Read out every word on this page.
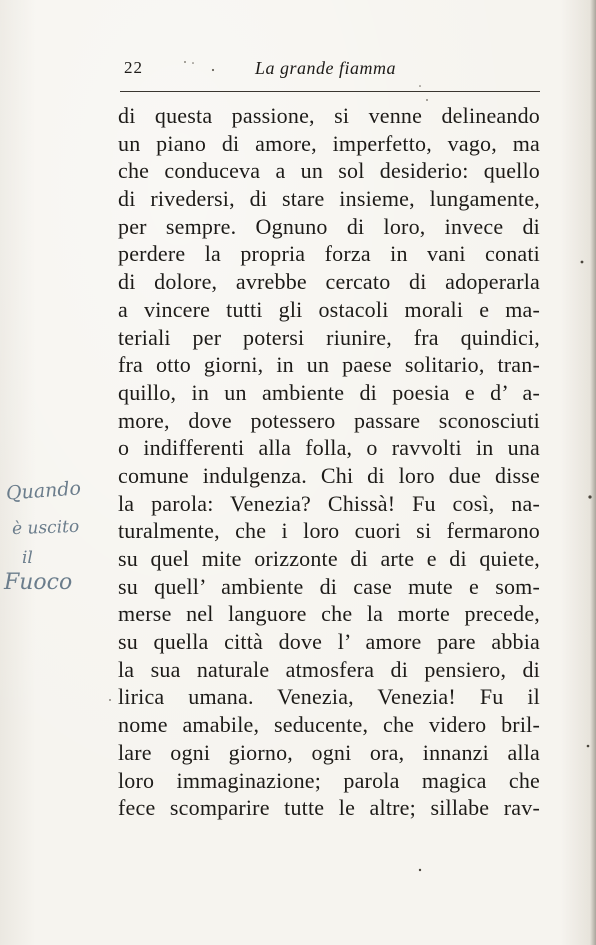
22	La grande fiamma
di questa passione, si venne delineando
un piano di amore, imperfetto, vago, ma
che conduceva a un sol desiderio: quello
di rivedersi, di stare insieme, lungamente,
per sempre. Ognuno di loro, invece di
perdere la propria forza in vani conati
di dolore, avrebbe cercato di adoperarla
a vincere tutti gli ostacoli morali e ma-
teriali per potersi riunire, fra quindici,
fra otto giorni, in un paese solitario, tran-
quillo, in un ambiente di poesia e d’ a-
more, dove potessero passare sconosciuti
o indifferenti alla folla, o ravvolti in una
comune indulgenza. Chi di loro due disse
la parola: Venezia? Chissà! Fu così, na-
turalmente, che i loro cuori si fermarono
su quel mite orizzonte di arte e di quiete,
su quell’ ambiente di case mute e som-
merse nel languore che la morte precede,
su quella città dove l’ amore pare abbia
la sua naturale atmosfera di pensiero, di
lirica umana. Venezia, Venezia! Fu il
nome amabile, seducente, che videro bril-
lare ogni giorno, ogni ora, innanzi alla
loro immaginazione; parola magica che
fece scomparire tutte le altre; sillabe rav-
Quando
è uscito
il
Fuoco
